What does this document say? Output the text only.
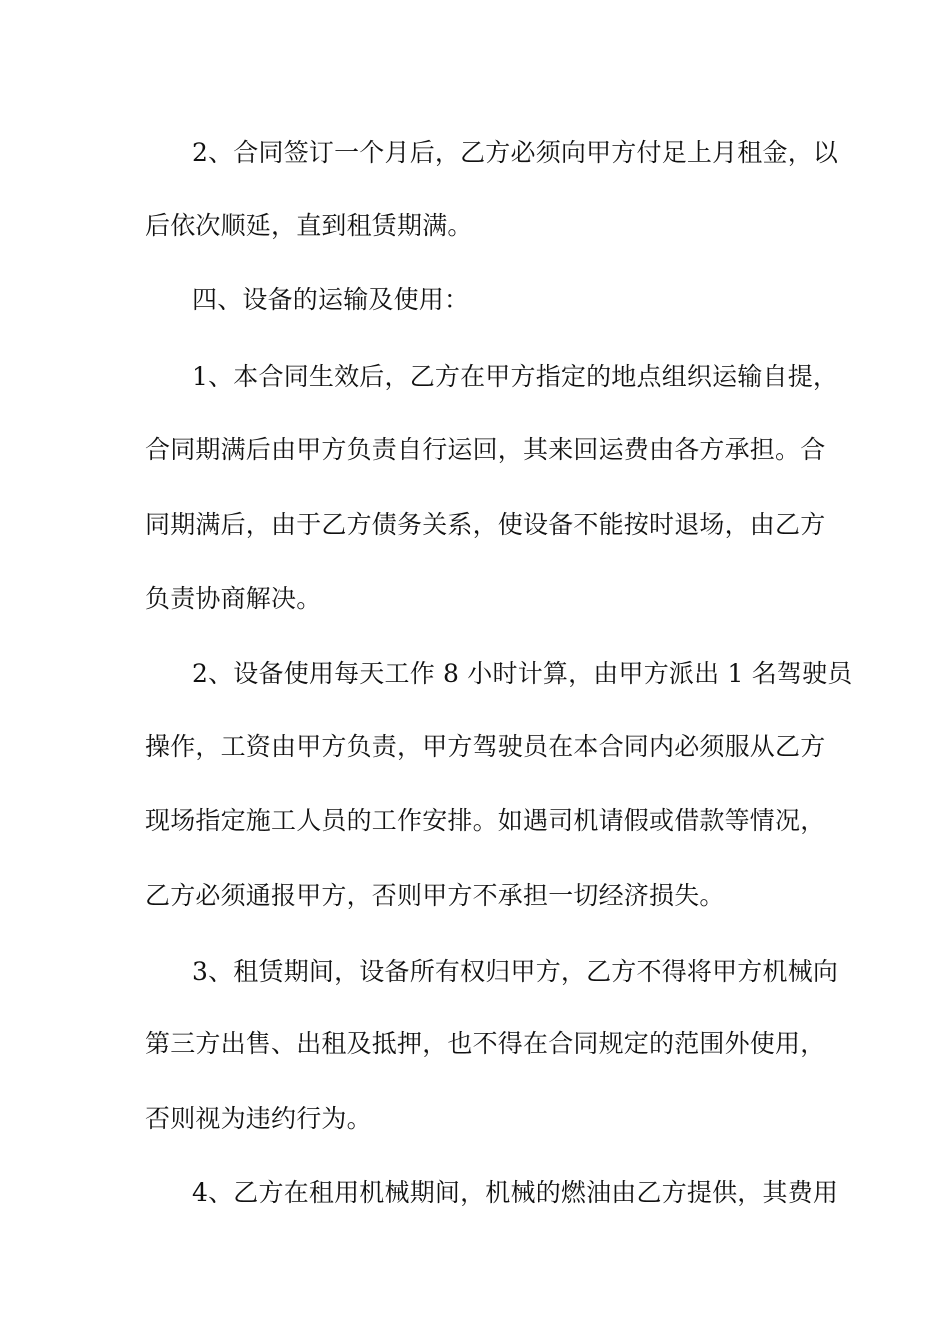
2、合同签订一个月后，乙方必须向甲方付足上月租金，以
后依次顺延，直到租赁期满。
四、设备的运输及使用：
1、本合同生效后，乙方在甲方指定的地点组织运输自提，
合同期满后由甲方负责自行运回，其来回运费由各方承担。合
同期满后，由于乙方债务关系，使设备不能按时退场，由乙方
负责协商解决。
2、设备使用每天工作 8 小时计算，由甲方派出 1 名驾驶员
操作，工资由甲方负责，甲方驾驶员在本合同内必须服从乙方
现场指定施工人员的工作安排。如遇司机请假或借款等情况，
乙方必须通报甲方，否则甲方不承担一切经济损失。
3、租赁期间，设备所有权归甲方，乙方不得将甲方机械向
第三方出售、出租及抵押，也不得在合同规定的范围外使用，
否则视为违约行为。
4、乙方在租用机械期间，机械的燃油由乙方提供，其费用
